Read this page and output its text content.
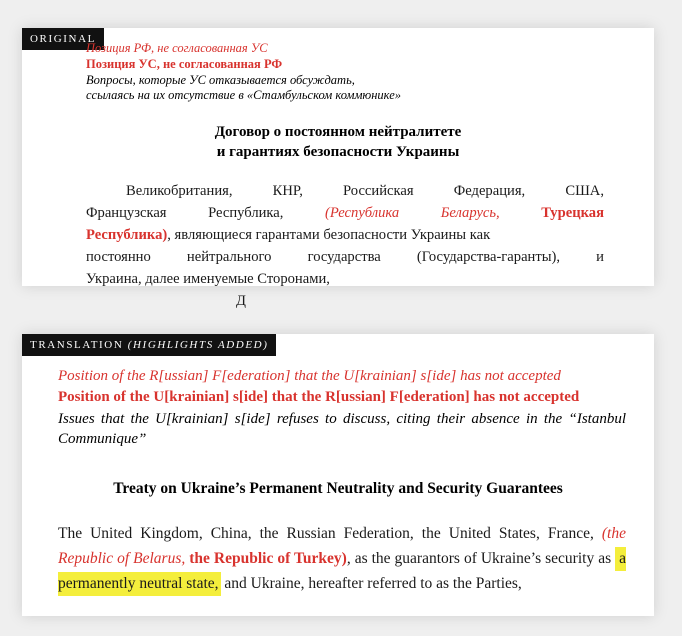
ORIGINAL
Позиция РФ, не согласованная УС
Позиция УС, не согласованная РФ
Вопросы, которые УС отказывается обсуждать,
ссылаясь на их отсутствие в «Стамбульском коммюнике»
Договор о постоянном нейтралитете
и гарантиях безопасности Украины
Великобритания, КНР, Российская Федерация, США,
Французская Республика,	(Республика Беларусь,	Турецкая
Республика), являющиеся гарантами безопасности Украины как
постоянно нейтрального государства (Государства-гаранты), и
Украина, далее именуемые Сторонами,
Д
TRANSLATION (HIGHLIGHTS ADDED)
Position of the R[ussian] F[ederation] that the U[krainian] s[ide] has not accepted
Position of the U[krainian] s[ide] that the R[ussian] F[ederation] has not accepted
Issues that the U[krainian] s[ide] refuses to discuss, citing their absence in the “Istanbul Communique”
Treaty on Ukraine’s Permanent Neutrality and Security Guarantees
The United Kingdom, China, the Russian Federation, the United States, France, (the Republic of Belarus, the Republic of Turkey), as the guarantors of Ukraine’s security as a permanently neutral state, and Ukraine, hereafter referred to as the Parties,
